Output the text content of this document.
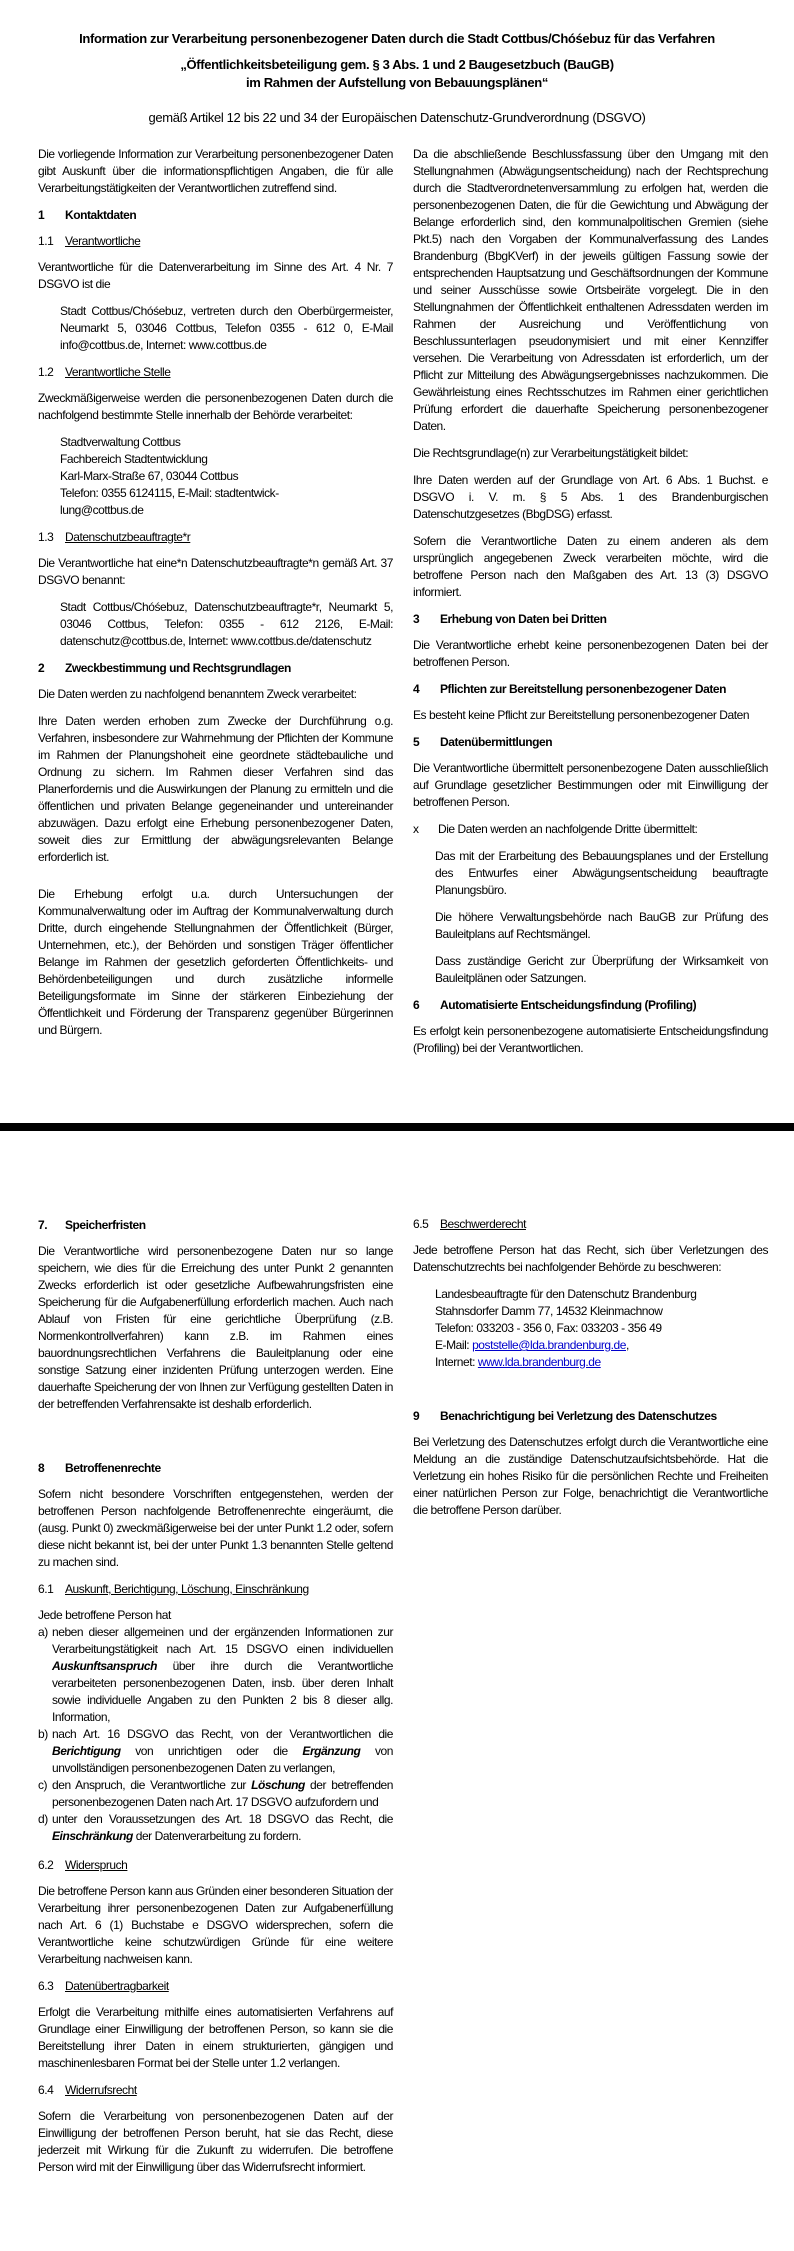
Information zur Verarbeitung personenbezogener Daten durch die Stadt Cottbus/Chóśebuz für das Verfahren
„Öffentlichkeitsbeteiligung gem. § 3 Abs. 1 und 2 Baugesetzbuch (BauGB)
im Rahmen der Aufstellung von Bebauungsplänen“
gemäß Artikel 12 bis 22 und 34 der Europäischen Datenschutz-Grundverordnung (DSGVO)

Die vorliegende Information zur Verarbeitung personenbezogener Daten gibt Auskunft über die informationspflichtigen Angaben, die für alle Verarbeitungstätigkeiten der Verantwortlichen zutreffend sind.

1 Kontaktdaten
1.1 Verantwortliche

Verantwortliche für die Datenverarbeitung im Sinne des Art. 4 Nr. 7 DSGVO ist die

Stadt Cottbus/Chóśebuz, vertreten durch den Oberbürgermeister, Neumarkt 5, 03046 Cottbus, Telefon 0355 - 612 0, E-Mail info@cottbus.de, Internet: www.cottbus.de
1.2 Verantwortliche Stelle

Zweckmäßigerweise werden die personenbezogenen Daten durch die nachfolgend bestimmte Stelle innerhalb der Behörde verarbeitet:

Stadtverwaltung Cottbus
Fachbereich Stadtentwicklung
Karl-Marx-Straße 67, 03044 Cottbus
Telefon: 0355 6124115, E-Mail: stadtentwick-
lung@cottbus.de
1.3 Datenschutzbeauftragte*r

Die Verantwortliche hat eine*n Datenschutzbeauftragte*n gemäß Art. 37 DSGVO benannt:

Stadt Cottbus/Chóśebuz, Datenschutzbeauftragte*r, Neumarkt 5, 03046 Cottbus, Telefon: 0355 - 612 2126, E-Mail: datenschutz@cottbus.de, Internet: www.cottbus.de/datenschutz
2 Zweckbestimmung und Rechtsgrundlagen

Die Daten werden zu nachfolgend benanntem Zweck verarbeitet:

Ihre Daten werden erhoben zum Zwecke der Durchführung o.g. Verfahren, insbesondere zur Wahrnehmung der Pflichten der Kommune im Rahmen der Planungshoheit eine geordnete städtebauliche und Ordnung zu sichern. Im Rahmen dieser Verfahren sind das Planerfordernis und die Auswirkungen der Planung zu ermitteln und die öffentlichen und privaten Belange gegeneinander und untereinander abzuwägen. Dazu erfolgt eine Erhebung personenbezogener Daten, soweit dies zur Ermittlung der abwägungsrelevanten Belange erforderlich ist.

Die Erhebung erfolgt u.a. durch Untersuchungen der Kommunalverwaltung oder im Auftrag der Kommunalverwaltung durch Dritte, durch eingehende Stellungnahmen der Öffentlichkeit (Bürger, Unternehmen, etc.), der Behörden und sonstigen Träger öffentlicher Belange im Rahmen der gesetzlich geforderten Öffentlichkeits- und Behördenbeteiligungen und durch zusätzliche informelle Beteiligungsformate im Sinne der stärkeren Einbeziehung der Öffentlichkeit und Förderung der Transparenz gegenüber Bürgerinnen und Bürgern.

Da die abschließende Beschlussfassung über den Umgang mit den Stellungnahmen (Abwägungsentscheidung) nach der Rechtsprechung durch die Stadtverordnetenversammlung zu erfolgen hat, werden die personenbezogenen Daten, die für die Gewichtung und Abwägung der Belange erforderlich sind, den kommunalpolitischen Gremien (siehe Pkt.5) nach den Vorgaben der Kommunalverfassung des Landes Brandenburg (BbgKVerf) in der jeweils gültigen Fassung sowie der entsprechenden Hauptsatzung und Geschäftsordnungen der Kommune und seiner Ausschüsse sowie Ortsbeiräte vorgelegt. Die in den Stellungnahmen der Öffentlichkeit enthaltenen Adressdaten werden im Rahmen der Ausreichung und Veröffentlichung von Beschlussunterlagen pseudonymisiert und mit einer Kennziffer versehen. Die Verarbeitung von Adressdaten ist erforderlich, um der Pflicht zur Mitteilung des Abwägungsergebnisses nachzukommen. Die Gewährleistung eines Rechtsschutzes im Rahmen einer gerichtlichen Prüfung erfordert die dauerhafte Speicherung personenbezogener Daten.

Die Rechtsgrundlage(n) zur Verarbeitungstätigkeit bildet:

Ihre Daten werden auf der Grundlage von Art. 6 Abs. 1 Buchst. e DSGVO i. V. m. § 5 Abs. 1 des Brandenburgischen Datenschutzgesetzes (BbgDSG) erfasst.

Sofern die Verantwortliche Daten zu einem anderen als dem ursprünglich angegebenen Zweck verarbeiten möchte, wird die betroffene Person nach den Maßgaben des Art. 13 (3) DSGVO informiert.

3 Erhebung von Daten bei Dritten

Die Verantwortliche erhebt keine personenbezogenen Daten bei der betroffenen Person.

4 Pflichten zur Bereitstellung personenbezogener Daten

Es besteht keine Pflicht zur Bereitstellung personenbezogener Daten

5 Datenübermittlungen

Die Verantwortliche übermittelt personenbezogene Daten ausschließlich auf Grundlage gesetzlicher Bestimmungen oder mit Einwilligung der betroffenen Person.

x Die Daten werden an nachfolgende Dritte übermittelt:
Das mit der Erarbeitung des Bebauungsplanes und der Erstellung des Entwurfes einer Abwägungsentscheidung beauftragte Planungsbüro.
Die höhere Verwaltungsbehörde nach BauGB zur Prüfung des Bauleitplans auf Rechtsmängel.
Dass zuständige Gericht zur Überprüfung der Wirksamkeit von Bauleitplänen oder Satzungen.
6 Automatisierte Entscheidungsfindung (Profiling)

Es erfolgt kein personenbezogene automatisierte Entscheidungsfindung (Profiling) bei der Verantwortlichen.

7. Speicherfristen

Die Verantwortliche wird personenbezogene Daten nur so lange speichern, wie dies für die Erreichung des unter Punkt 2 genannten Zwecks erforderlich ist oder gesetzliche Aufbewahrungsfristen eine Speicherung für die Aufgabenerfüllung erforderlich machen. Auch nach Ablauf von Fristen für eine gerichtliche Überprüfung (z.B. Normenkontrollverfahren) kann z.B. im Rahmen eines bauordnungsrechtlichen Verfahrens die Bauleitplanung oder eine sonstige Satzung einer inzidenten Prüfung unterzogen werden. Eine dauerhafte Speicherung der von Ihnen zur Verfügung gestellten Daten in der betreffenden Verfahrensakte ist deshalb erforderlich.

8 Betroffenenrechte

Sofern nicht besondere Vorschriften entgegenstehen, werden der betroffenen Person nachfolgende Betroffenenrechte eingeräumt, die (ausg. Punkt 0) zweckmäßigerweise bei der unter Punkt 1.2 oder, sofern diese nicht bekannt ist, bei der unter Punkt 1.3 benannten Stelle geltend zu machen sind.

6.1 Auskunft, Berichtigung, Löschung, Einschränkung

Jede betroffene Person hat

a) neben dieser allgemeinen und der ergänzenden Informationen zur Verarbeitungstätigkeit nach Art. 15 DSGVO einen individuellen Auskunftsanspruch über ihre durch die Verantwortliche verarbeiteten personenbezogenen Daten, insb. über deren Inhalt sowie individuelle Angaben zu den Punkten 2 bis 8 dieser allg. Information,
b) nach Art. 16 DSGVO das Recht, von der Verantwortlichen die Berichtigung von unrichtigen oder die Ergänzung von unvollständigen personenbezogenen Daten zu verlangen,
c) den Anspruch, die Verantwortliche zur Löschung der betreffenden personenbezogenen Daten nach Art. 17 DSGVO aufzufordern und
d) unter den Voraussetzungen des Art. 18 DSGVO das Recht, die Einschränkung der Datenverarbeitung zu fordern.
6.2 Widerspruch

Die betroffene Person kann aus Gründen einer besonderen Situation der Verarbeitung ihrer personenbezogenen Daten zur Aufgabenerfüllung nach Art. 6 (1) Buchstabe e DSGVO widersprechen, sofern die Verantwortliche keine schutzwürdigen Gründe für eine weitere Verarbeitung nachweisen kann.

6.3 Datenübertragbarkeit

Erfolgt die Verarbeitung mithilfe eines automatisierten Verfahrens auf Grundlage einer Einwilligung der betroffenen Person, so kann sie die Bereitstellung ihrer Daten in einem strukturierten, gängigen und maschinenlesbaren Format bei der Stelle unter 1.2 verlangen.

6.4 Widerrufsrecht

Sofern die Verarbeitung von personenbezogenen Daten auf der Einwilligung der betroffenen Person beruht, hat sie das Recht, diese jederzeit mit Wirkung für die Zukunft zu widerrufen. Die betroffene Person wird mit der Einwilligung über das Widerrufsrecht informiert.

6.5 Beschwerderecht

Jede betroffene Person hat das Recht, sich über Verletzungen des Datenschutzrechts bei nachfolgender Behörde zu beschweren:

Landesbeauftragte für den Datenschutz Brandenburg
Stahnsdorfer Damm 77, 14532 Kleinmachnow
Telefon: 033203 - 356 0, Fax: 033203 - 356 49
E-Mail: poststelle@lda.brandenburg.de,
Internet: www.lda.brandenburg.de
9 Benachrichtigung bei Verletzung des Datenschutzes

Bei Verletzung des Datenschutzes erfolgt durch die Verantwortliche eine Meldung an die zuständige Datenschutzaufsichtsbehörde. Hat die Verletzung ein hohes Risiko für die persönlichen Rechte und Freiheiten einer natürlichen Person zur Folge, benachrichtigt die Verantwortliche die betroffene Person darüber.
